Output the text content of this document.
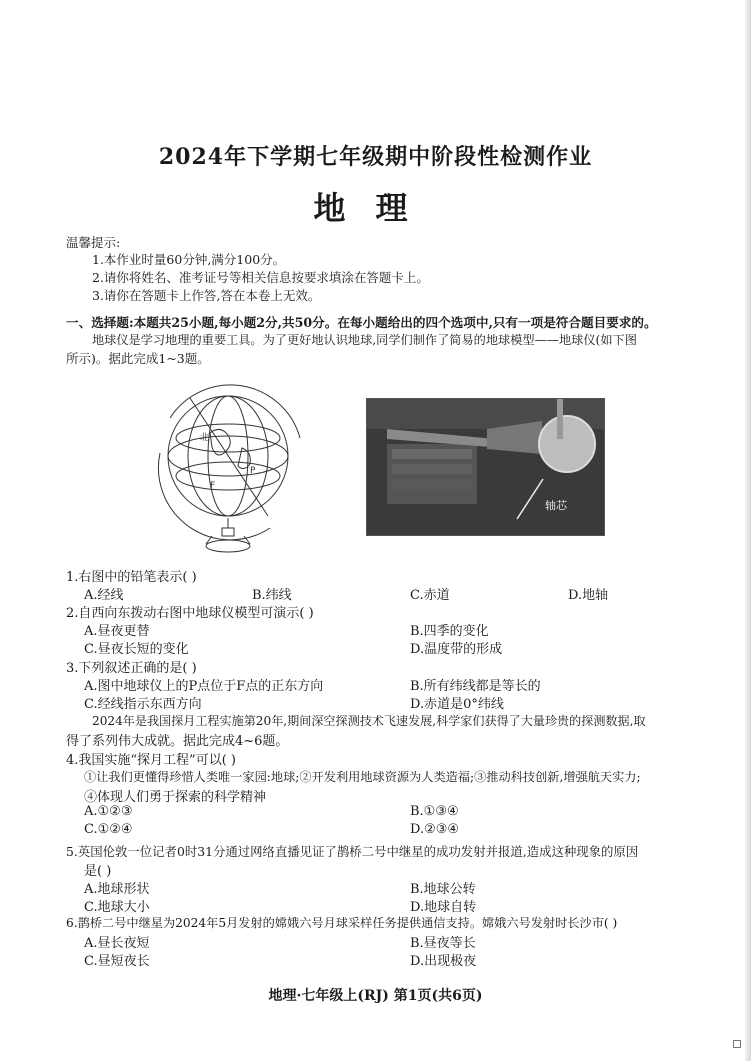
2024年下学期七年级期中阶段性检测作业
地理
温馨提示:
1.本作业时量60分钟,满分100分。
2.请你将姓名、准考证号等相关信息按要求填涂在答题卡上。
3.请你在答题卡上作答,答在本卷上无效。
一、选择题:本题共25小题,每小题2分,共50分。在每小题给出的四个选项中,只有一项是符合题目要求的。
地球仪是学习地理的重要工具。为了更好地认识地球,同学们制作了简易的地球模型——地球仪(如下图
所示)。据此完成1~3题。
北
P
F
轴芯
1.右图中的铅笔表示( )
A.经线	B.纬线	C.赤道	D.地轴
2.自西向东拨动右图中地球仪模型可演示( )
A.昼夜更替	B.四季的变化
C.昼夜长短的变化	D.温度带的形成
3.下列叙述正确的是( )
A.图中地球仪上的P点位于F点的正东方向	B.所有纬线都是等长的
C.经线指示东西方向	D.赤道是0°纬线
2024年是我国探月工程实施第20年,期间深空探测技术飞速发展,科学家们获得了大量珍贵的探测数据,取
得了系列伟大成就。据此完成4~6题。
4.我国实施“探月工程”可以( )
①让我们更懂得珍惜人类唯一家园:地球;②开发利用地球资源为人类造福;③推动科技创新,增强航天实力;
④体现人们勇于探索的科学精神
A.①②③	B.①③④
C.①②④	D.②③④
5.英国伦敦一位记者0时31分通过网络直播见证了鹊桥二号中继星的成功发射并报道,造成这种现象的原因
是( )
A.地球形状	B.地球公转
C.地球大小	D.地球自转
6.鹊桥二号中继星为2024年5月发射的嫦娥六号月球采样任务提供通信支持。嫦娥六号发射时长沙市( )
A.昼长夜短	B.昼夜等长
C.昼短夜长	D.出现极夜
地理·七年级上(RJ) 第1页(共6页)
